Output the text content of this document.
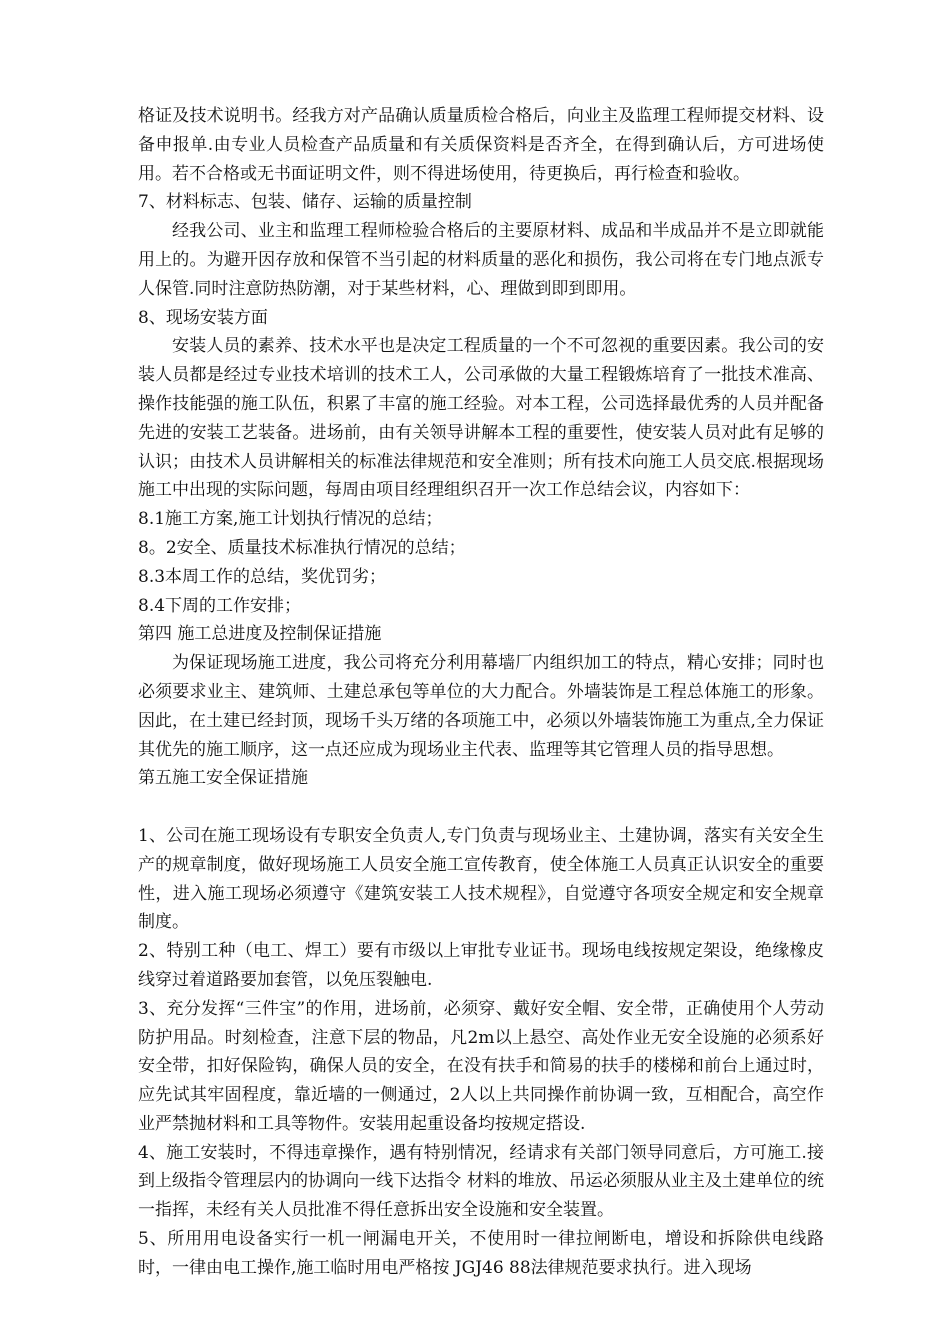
格证及技术说明书。经我方对产品确认质量质检合格后，向业主及监理工程师提交材料、设备申报单.由专业人员检查产品质量和有关质保资料是否齐全，在得到确认后，方可进场使用。若不合格或无书面证明文件，则不得进场使用，待更换后，再行检查和验收。

7、材料标志、包装、储存、运输的质量控制

经我公司、业主和监理工程师检验合格后的主要原材料、成品和半成品并不是立即就能用上的。为避开因存放和保管不当引起的材料质量的恶化和损伤，我公司将在专门地点派专人保管.同时注意防热防潮，对于某些材料，心、理做到即到即用。

8、现场安装方面

安装人员的素养、技术水平也是决定工程质量的一个不可忽视的重要因素。我公司的安装人员都是经过专业技术培训的技术工人，公司承做的大量工程锻炼培育了一批技术准高、操作技能强的施工队伍，积累了丰富的施工经验。对本工程，公司选择最优秀的人员并配备先进的安装工艺装备。进场前，由有关领导讲解本工程的重要性，使安装人员对此有足够的认识；由技术人员讲解相关的标准法律规范和安全准则；所有技术向施工人员交底.根据现场施工中出现的实际问题，每周由项目经理组织召开一次工作总结会议，内容如下：

8.1施工方案,施工计划执行情况的总结；

8。2安全、质量技术标准执行情况的总结；

8.3本周工作的总结，奖优罚劣；

8.4下周的工作安排；

第四 施工总进度及控制保证措施

为保证现场施工进度，我公司将充分利用幕墙厂内组织加工的特点，精心安排；同时也必须要求业主、建筑师、土建总承包等单位的大力配合。外墙装饰是工程总体施工的形象。因此，在土建已经封顶，现场千头万绪的各项施工中，必须以外墙装饰施工为重点,全力保证其优先的施工顺序，这一点还应成为现场业主代表、监理等其它管理人员的指导思想。

第五施工安全保证措施

1、公司在施工现场设有专职安全负责人,专门负责与现场业主、土建协调，落实有关安全生产的规章制度，做好现场施工人员安全施工宣传教育，使全体施工人员真正认识安全的重要性，进入施工现场必须遵守《建筑安装工人技术规程》，自觉遵守各项安全规定和安全规章制度。

2、特别工种（电工、焊工）要有市级以上审批专业证书。现场电线按规定架设，绝缘橡皮线穿过着道路要加套管，以免压裂触电.

3、充分发挥“三件宝”的作用，进场前，必须穿、戴好安全帽、安全带，正确使用个人劳动防护用品。时刻检查，注意下层的物品，凡2m以上悬空、高处作业无安全设施的必须系好安全带，扣好保险钩，确保人员的安全，在没有扶手和简易的扶手的楼梯和前台上通过时，应先试其牢固程度，靠近墙的一侧通过，2人以上共同操作前协调一致，互相配合，高空作业严禁抛材料和工具等物件。安装用起重设备均按规定搭设.

4、施工安装时，不得违章操作，遇有特别情况，经请求有关部门领导同意后，方可施工.接到上级指令管理层内的协调向一线下达指令 材料的堆放、吊运必须服从业主及土建单位的统一指挥，未经有关人员批准不得任意拆出安全设施和安全装置。

5、所用用电设备实行一机一闸漏电开关，不使用时一律拉闸断电，增设和拆除供电线路时，一律由电工操作,施工临时用电严格按 JGJ46 88法律规范要求执行。进入现场
